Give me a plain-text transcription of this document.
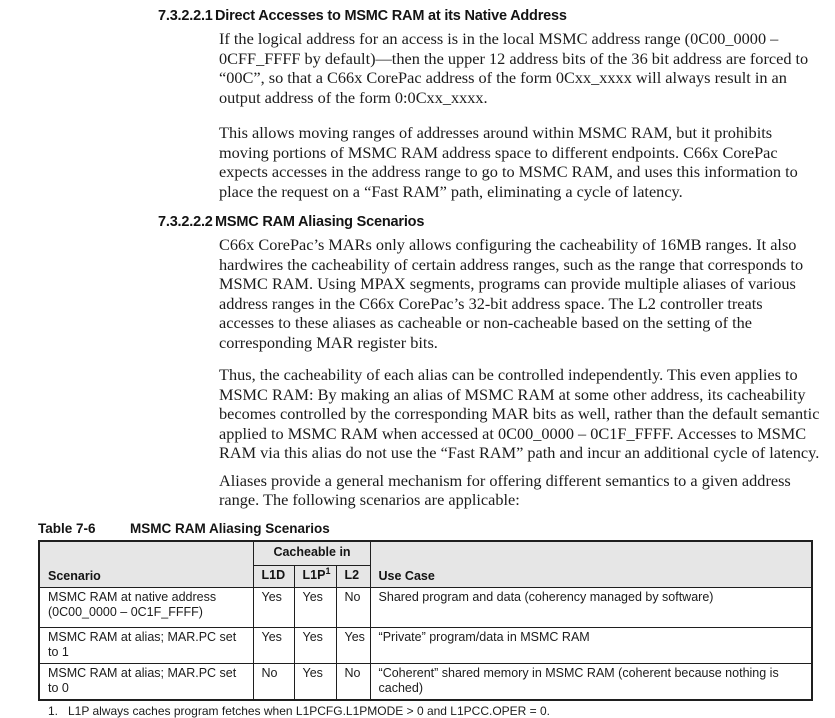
7.3.2.2.1 Direct Accesses to MSMC RAM at its Native Address

If the logical address for an access is in the local MSMC address range (0C00_0000 – 0CFF_FFFF by default)—then the upper 12 address bits of the 36 bit address are forced to “00C”, so that a C66x CorePac address of the form 0Cxx_xxxx will always result in an output address of the form 0:0Cxx_xxxx.

This allows moving ranges of addresses around within MSMC RAM, but it prohibits moving portions of MSMC RAM address space to different endpoints. C66x CorePac expects accesses in the address range to go to MSMC RAM, and uses this information to place the request on a “Fast RAM” path, eliminating a cycle of latency.

7.3.2.2.2 MSMC RAM Aliasing Scenarios

C66x CorePac’s MARs only allows configuring the cacheability of 16MB ranges. It also hardwires the cacheability of certain address ranges, such as the range that corresponds to MSMC RAM. Using MPAX segments, programs can provide multiple aliases of various address ranges in the C66x CorePac’s 32-bit address space. The L2 controller treats accesses to these aliases as cacheable or non-cacheable based on the setting of the corresponding MAR register bits.

Thus, the cacheability of each alias can be controlled independently. This even applies to MSMC RAM: By making an alias of MSMC RAM at some other address, its cacheability becomes controlled by the corresponding MAR bits as well, rather than the default semantic applied to MSMC RAM when accessed at 0C00_0000 – 0C1F_FFFF. Accesses to MSMC RAM via this alias do not use the “Fast RAM” path and incur an additional cycle of latency.

Aliases provide a general mechanism for offering different semantics to a given address range. The following scenarios are applicable:

Table 7-6	MSMC RAM Aliasing Scenarios
Scenario	Cacheable in			Use Case
	L1D	$L1P^1$	L2	
MSMC RAM at native address (0C00_0000 – 0C1F_FFFF)	Yes	Yes	No	Shared program and data (coherency managed by software)
MSMC RAM at alias; MAR.PC set to 1	Yes	Yes	Yes	“Private” program/data in MSMC RAM
MSMC RAM at alias; MAR.PC set to 0	No	Yes	No	“Coherent” shared memory in MSMC RAM (coherent because nothing is cached)
1. L1P always caches program fetches when L1PCFG.L1PMODE > 0 and L1PCC.OPER = 0.
